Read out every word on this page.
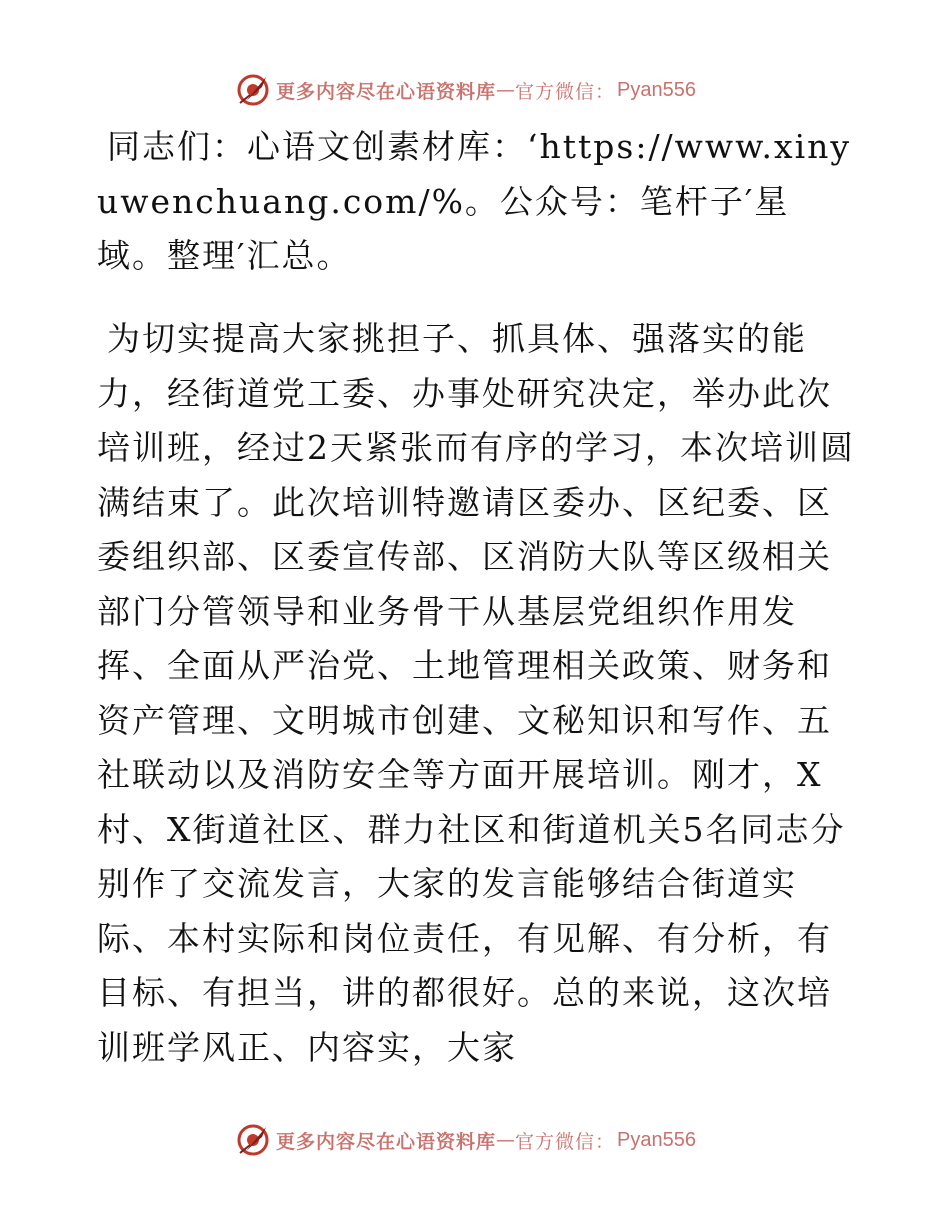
更多内容尽在心语资料库 — 官方微信： Pyan556

同志们：心语文创素材库：‘https://www.xinyuwenchuang.com/%。公众号：笔杆子′星域。整理′汇总。

为切实提高大家挑担子、抓具体、强落实的能力，经街道党工委、办事处研究决定，举办此次培训班，经过2天紧张而有序的学习，本次培训圆满结束了。此次培训特邀请区委办、区纪委、区委组织部、区委宣传部、区消防大队等区级相关部门分管领导和业务骨干从基层党组织作用发挥、全面从严治党、土地管理相关政策、财务和资产管理、文明城市创建、文秘知识和写作、五社联动以及消防安全等方面开展培训。刚才，X村、X街道社区、群力社区和街道机关5名同志分别作了交流发言，大家的发言能够结合街道实际、本村实际和岗位责任，有见解、有分析，有目标、有担当，讲的都很好。总的来说，这次培训班学风正、内容实，大家

更多内容尽在心语资料库 — 官方微信： Pyan556
